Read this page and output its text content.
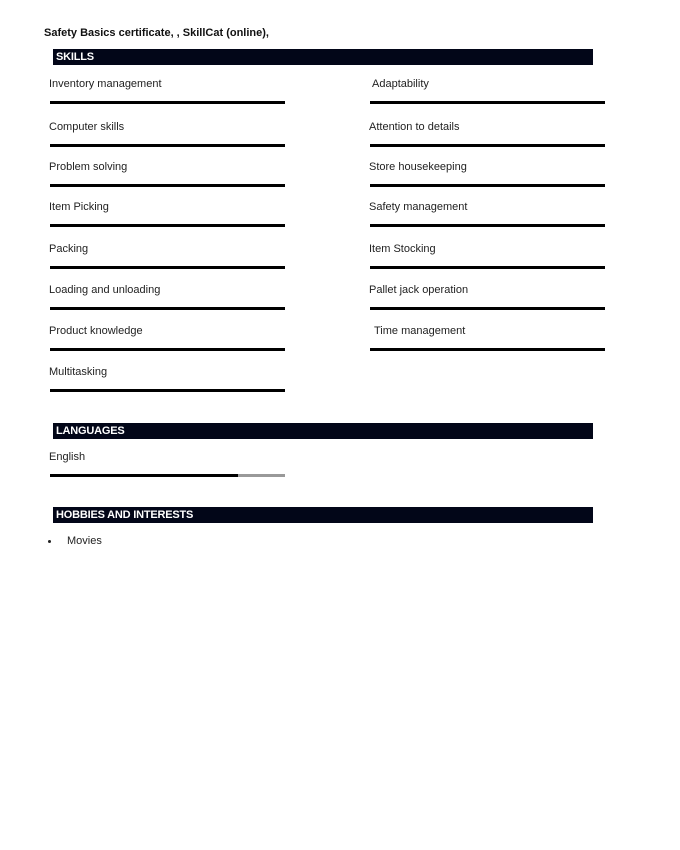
Safety Basics certificate, , SkillCat (online),
SKILLS
Inventory management	Adaptability
Computer skills	Attention to details
Problem solving	Store housekeeping
Item Picking	Safety management
Packing	Item Stocking
Loading and unloading	Pallet jack operation
Product knowledge	Time management
Multitasking
LANGUAGES
English
HOBBIES AND INTERESTS
Movies
